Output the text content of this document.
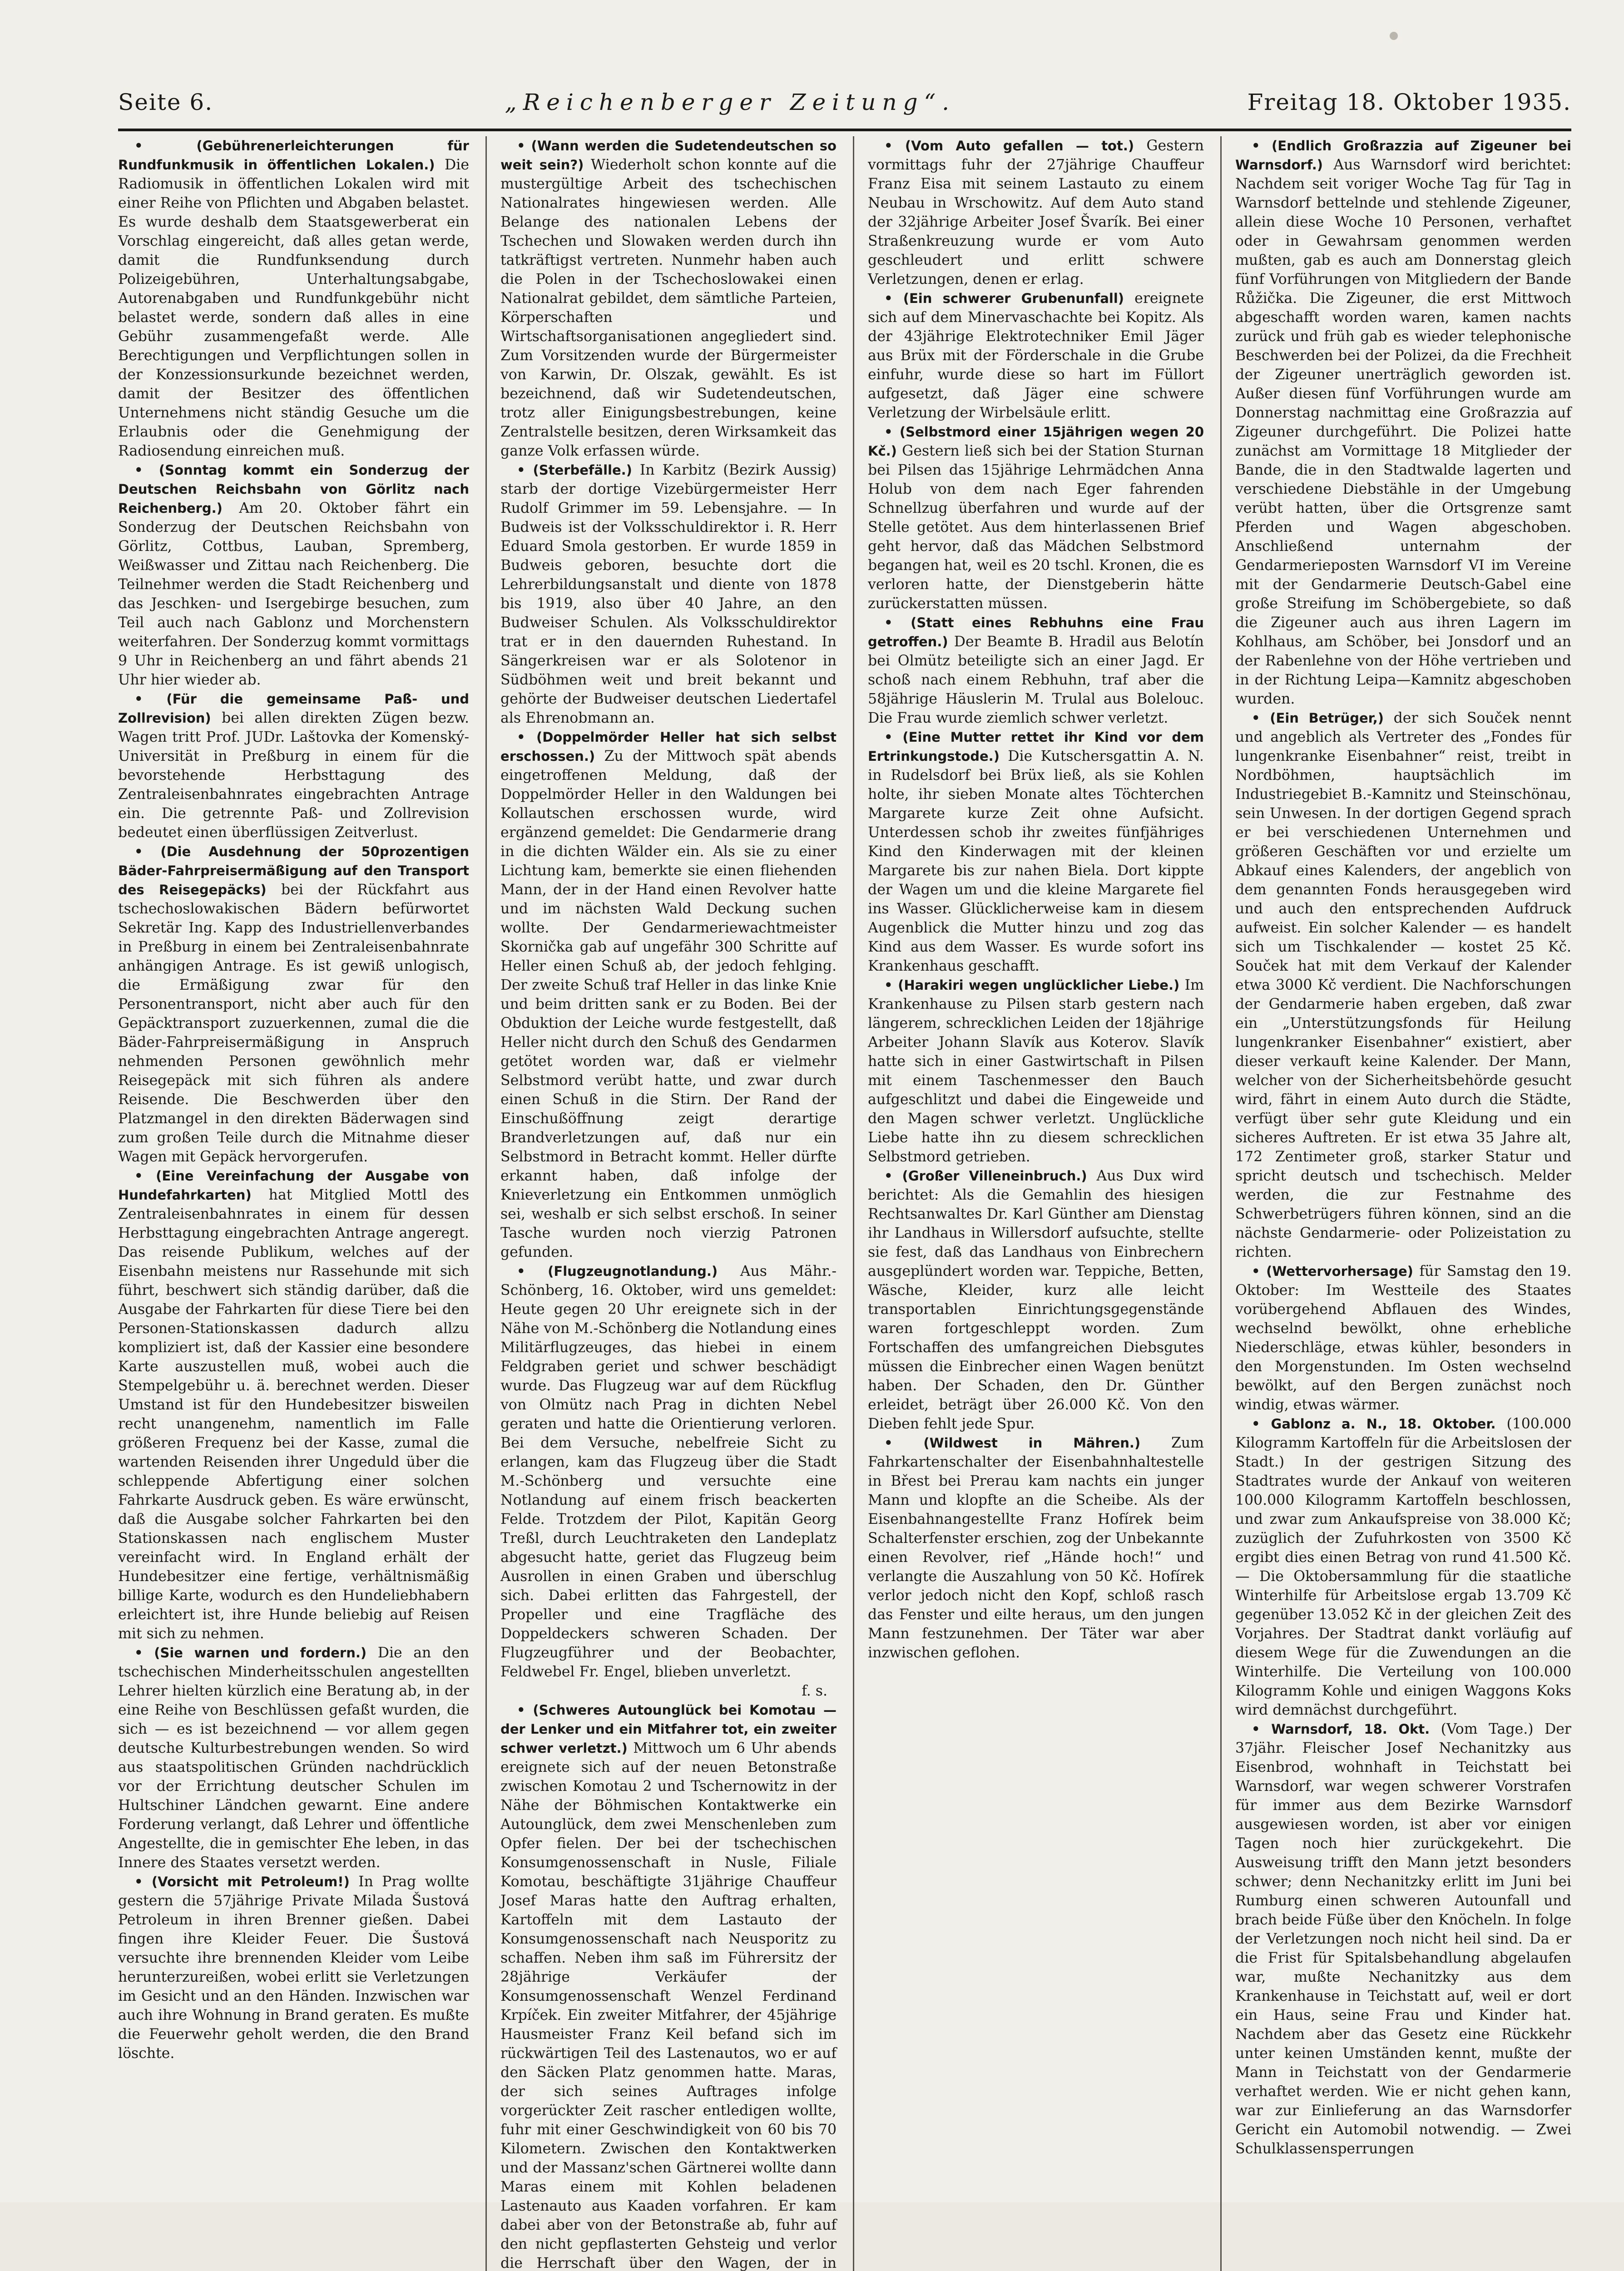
Seite 6.	„Reichenberger Zeitung“.	Freitag 18. Oktober 1935.

• (Gebührenerleichterungen für Rundfunkmusik in öffentlichen Lokalen.) Die Radiomusik in öffentlichen Lokalen wird mit einer Reihe von Pflichten und Abgaben belastet. Es wurde deshalb dem Staatsgewerberat ein Vorschlag eingereicht, daß alles getan werde, damit die Rundfunksendung durch Polizeigebühren, Unterhaltungsabgabe, Autorenabgaben und Rundfunkgebühr nicht belastet werde, sondern daß alles in eine Gebühr zusammengefaßt werde. Alle Berechtigungen und Verpflichtungen sollen in der Konzessionsurkunde bezeichnet werden, damit der Besitzer des öffentlichen Unternehmens nicht ständig Gesuche um die Erlaubnis oder die Genehmigung der Radiosendung einreichen muß.

• (Sonntag kommt ein Sonderzug der Deutschen Reichsbahn von Görlitz nach Reichenberg.) Am 20. Oktober fährt ein Sonderzug der Deutschen Reichsbahn von Görlitz, Cottbus, Lauban, Spremberg, Weißwasser und Zittau nach Reichenberg. Die Teilnehmer werden die Stadt Reichenberg und das Jeschken- und Isergebirge besuchen, zum Teil auch nach Gablonz und Morchenstern weiterfahren. Der Sonderzug kommt vormittags 9 Uhr in Reichenberg an und fährt abends 21 Uhr hier wieder ab.

• (Für die gemeinsame Paß- und Zollrevision) bei allen direkten Zügen bezw. Wagen tritt Prof. JUDr. Laštovka der Komenský-Universität in Preßburg in einem für die bevorstehende Herbsttagung des Zentraleisenbahnrates eingebrachten Antrage ein. Die getrennte Paß- und Zollrevision bedeutet einen überflüssigen Zeitverlust.

• (Die Ausdehnung der 50prozentigen Bäder-Fahrpreisermäßigung auf den Transport des Reisegepäcks) bei der Rückfahrt aus tschechoslowakischen Bädern befürwortet Sekretär Ing. Kapp des Industriellenverbandes in Preßburg in einem bei Zentraleisenbahnrate anhängigen Antrage. Es ist gewiß unlogisch, die Ermäßigung zwar für den Personentransport, nicht aber auch für den Gepäcktransport zuzuerkennen, zumal die die Bäder-Fahrpreisermäßigung in Anspruch nehmenden Personen gewöhnlich mehr Reisegepäck mit sich führen als andere Reisende. Die Beschwerden über den Platzmangel in den direkten Bäderwagen sind zum großen Teile durch die Mitnahme dieser Wagen mit Gepäck hervorgerufen.

• (Eine Vereinfachung der Ausgabe von Hundefahrkarten) hat Mitglied Mottl des Zentraleisenbahnrates in einem für dessen Herbsttagung eingebrachten Antrage angeregt. Das reisende Publikum, welches auf der Eisenbahn meistens nur Rassehunde mit sich führt, beschwert sich ständig darüber, daß die Ausgabe der Fahrkarten für diese Tiere bei den Personen-Stationskassen dadurch allzu kompliziert ist, daß der Kassier eine besondere Karte auszustellen muß, wobei auch die Stempelgebühr u. ä. berechnet werden. Dieser Umstand ist für den Hundebesitzer bisweilen recht unangenehm, namentlich im Falle größeren Frequenz bei der Kasse, zumal die wartenden Reisenden ihrer Ungeduld über die schleppende Abfertigung einer solchen Fahrkarte Ausdruck geben. Es wäre erwünscht, daß die Ausgabe solcher Fahrkarten bei den Stationskassen nach englischem Muster vereinfacht wird. In England erhält der Hundebesitzer eine fertige, verhältnismäßig billige Karte, wodurch es den Hundeliebhabern erleichtert ist, ihre Hunde beliebig auf Reisen mit sich zu nehmen.

• (Sie warnen und fordern.) Die an den tschechischen Minderheitsschulen angestellten Lehrer hielten kürzlich eine Beratung ab, in der eine Reihe von Beschlüssen gefaßt wurden, die sich — es ist bezeichnend — vor allem gegen deutsche Kulturbestrebungen wenden. So wird aus staatspolitischen Gründen nachdrücklich vor der Errichtung deutscher Schulen im Hultschiner Ländchen gewarnt. Eine andere Forderung verlangt, daß Lehrer und öffentliche Angestellte, die in gemischter Ehe leben, in das Innere des Staates versetzt werden.

• (Vorsicht mit Petroleum!) In Prag wollte gestern die 57jährige Private Milada Šustová Petroleum in ihren Brenner gießen. Dabei fingen ihre Kleider Feuer. Die Šustová versuchte ihre brennenden Kleider vom Leibe herunterzureißen, wobei erlitt sie Verletzungen im Gesicht und an den Händen. Inzwischen war auch ihre Wohnung in Brand geraten. Es mußte die Feuerwehr geholt werden, die den Brand löschte.

• (Wann werden die Sudetendeutschen so weit sein?) Wiederholt schon konnte auf die mustergültige Arbeit des tschechischen Nationalrates hingewiesen werden. Alle Belange des nationalen Lebens der Tschechen und Slowaken werden durch ihn tatkräftigst vertreten. Nunmehr haben auch die Polen in der Tschechoslowakei einen Nationalrat gebildet, dem sämtliche Parteien, Körperschaften und Wirtschaftsorganisationen angegliedert sind. Zum Vorsitzenden wurde der Bürgermeister von Karwin, Dr. Olszak, gewählt. Es ist bezeichnend, daß wir Sudetendeutschen, trotz aller Einigungsbestrebungen, keine Zentralstelle besitzen, deren Wirksamkeit das ganze Volk erfassen würde.

• (Sterbefälle.) In Karbitz (Bezirk Aussig) starb der dortige Vizebürgermeister Herr Rudolf Grimmer im 59. Lebensjahre. — In Budweis ist der Volksschuldirektor i. R. Herr Eduard Smola gestorben. Er wurde 1859 in Budweis geboren, besuchte dort die Lehrerbildungsanstalt und diente von 1878 bis 1919, also über 40 Jahre, an den Budweiser Schulen. Als Volksschuldirektor trat er in den dauernden Ruhestand. In Sängerkreisen war er als Solotenor in Südböhmen weit und breit bekannt und gehörte der Budweiser deutschen Liedertafel als Ehrenobmann an.

• (Doppelmörder Heller hat sich selbst erschossen.) Zu der Mittwoch spät abends eingetroffenen Meldung, daß der Doppelmörder Heller in den Waldungen bei Kollautschen erschossen wurde, wird ergänzend gemeldet: Die Gendarmerie drang in die dichten Wälder ein. Als sie zu einer Lichtung kam, bemerkte sie einen fliehenden Mann, der in der Hand einen Revolver hatte und im nächsten Wald Deckung suchen wollte. Der Gendarmeriewachtmeister Skornička gab auf ungefähr 300 Schritte auf Heller einen Schuß ab, der jedoch fehlging. Der zweite Schuß traf Heller in das linke Knie und beim dritten sank er zu Boden. Bei der Obduktion der Leiche wurde festgestellt, daß Heller nicht durch den Schuß des Gendarmen getötet worden war, daß er vielmehr Selbstmord verübt hatte, und zwar durch einen Schuß in die Stirn. Der Rand der Einschußöffnung zeigt derartige Brandverletzungen auf, daß nur ein Selbstmord in Betracht kommt. Heller dürfte erkannt haben, daß infolge der Knieverletzung ein Entkommen unmöglich sei, weshalb er sich selbst erschoß. In seiner Tasche wurden noch vierzig Patronen gefunden.

• (Flugzeugnotlandung.) Aus Mähr.-Schönberg, 16. Oktober, wird uns gemeldet: Heute gegen 20 Uhr ereignete sich in der Nähe von M.-Schönberg die Notlandung eines Militärflugzeuges, das hiebei in einem Feldgraben geriet und schwer beschädigt wurde. Das Flugzeug war auf dem Rückflug von Olmütz nach Prag in dichten Nebel geraten und hatte die Orientierung verloren. Bei dem Versuche, nebelfreie Sicht zu erlangen, kam das Flugzeug über die Stadt M.-Schönberg und versuchte eine Notlandung auf einem frisch beackerten Felde. Trotzdem der Pilot, Kapitän Georg Treßl, durch Leuchtraketen den Landeplatz abgesucht hatte, geriet das Flugzeug beim Ausrollen in einen Graben und überschlug sich. Dabei erlitten das Fahrgestell, der Propeller und eine Tragfläche des Doppeldeckers schweren Schaden. Der Flugzeugführer und der Beobachter, Feldwebel Fr. Engel, blieben unverletzt.

f. s.

• (Schweres Autounglück bei Komotau — der Lenker und ein Mitfahrer tot, ein zweiter schwer verletzt.) Mittwoch um 6 Uhr abends ereignete sich auf der neuen Betonstraße zwischen Komotau 2 und Tschernowitz in der Nähe der Böhmischen Kontaktwerke ein Autounglück, dem zwei Menschenleben zum Opfer fielen. Der bei der tschechischen Konsumgenossenschaft in Nusle, Filiale Komotau, beschäftigte 31jährige Chauffeur Josef Maras hatte den Auftrag erhalten, Kartoffeln mit dem Lastauto der Konsumgenossenschaft nach Neusporitz zu schaffen. Neben ihm saß im Führersitz der 28jährige Verkäufer der Konsumgenossenschaft Wenzel Ferdinand Krpíček. Ein zweiter Mitfahrer, der 45jährige Hausmeister Franz Keil befand sich im rückwärtigen Teil des Lastenautos, wo er auf den Säcken Platz genommen hatte. Maras, der sich seines Auftrages infolge vorgerückter Zeit rascher entledigen wollte, fuhr mit einer Geschwindigkeit von 60 bis 70 Kilometern. Zwischen den Kontaktwerken und der Massanz'schen Gärtnerei wollte dann Maras einem mit Kohlen beladenen Lastenauto aus Kaaden vorfahren. Er kam dabei aber von der Betonstraße ab, fuhr auf den nicht gepflasterten Gehsteig und verlor die Herrschaft über den Wagen, der in

• (Vom Auto gefallen — tot.) Gestern vormittags fuhr der 27jährige Chauffeur Franz Eisa mit seinem Lastauto zu einem Neubau in Wrschowitz. Auf dem Auto stand der 32jährige Arbeiter Josef Švarík. Bei einer Straßenkreuzung wurde er vom Auto geschleudert und erlitt schwere Verletzungen, denen er erlag.

• (Ein schwerer Grubenunfall) ereignete sich auf dem Minervaschachte bei Kopitz. Als der 43jährige Elektrotechniker Emil Jäger aus Brüx mit der Förderschale in die Grube einfuhr, wurde diese so hart im Füllort aufgesetzt, daß Jäger eine schwere Verletzung der Wirbelsäule erlitt.

• (Selbstmord einer 15jährigen wegen 20 Kč.) Gestern ließ sich bei der Station Sturnan bei Pilsen das 15jährige Lehrmädchen Anna Holub von dem nach Eger fahrenden Schnellzug überfahren und wurde auf der Stelle getötet. Aus dem hinterlassenen Brief geht hervor, daß das Mädchen Selbstmord begangen hat, weil es 20 tschl. Kronen, die es verloren hatte, der Dienstgeberin hätte zurückerstatten müssen.

• (Statt eines Rebhuhns eine Frau getroffen.) Der Beamte B. Hradil aus Belotín bei Olmütz beteiligte sich an einer Jagd. Er schoß nach einem Rebhuhn, traf aber die 58jährige Häuslerin M. Trulal aus Bolelouc. Die Frau wurde ziemlich schwer verletzt.

• (Eine Mutter rettet ihr Kind vor dem Ertrinkungstode.) Die Kutschersgattin A. N. in Rudelsdorf bei Brüx ließ, als sie Kohlen holte, ihr sieben Monate altes Töchterchen Margarete kurze Zeit ohne Aufsicht. Unterdessen schob ihr zweites fünfjähriges Kind den Kinderwagen mit der kleinen Margarete bis zur nahen Biela. Dort kippte der Wagen um und die kleine Margarete fiel ins Wasser. Glücklicherweise kam in diesem Augenblick die Mutter hinzu und zog das Kind aus dem Wasser. Es wurde sofort ins Krankenhaus geschafft.

• (Harakiri wegen unglücklicher Liebe.) Im Krankenhause zu Pilsen starb gestern nach längerem, schrecklichen Leiden der 18jährige Arbeiter Johann Slavík aus Koterov. Slavík hatte sich in einer Gastwirtschaft in Pilsen mit einem Taschenmesser den Bauch aufgeschlitzt und dabei die Eingeweide und den Magen schwer verletzt. Unglückliche Liebe hatte ihn zu diesem schrecklichen Selbstmord getrieben.

• (Großer Villeneinbruch.) Aus Dux wird berichtet: Als die Gemahlin des hiesigen Rechtsanwaltes Dr. Karl Günther am Dienstag ihr Landhaus in Willersdorf aufsuchte, stellte sie fest, daß das Landhaus von Einbrechern ausgeplündert worden war. Teppiche, Betten, Wäsche, Kleider, kurz alle leicht transportablen Einrichtungsgegenstände waren fortgeschleppt worden. Zum Fortschaffen des umfangreichen Diebsgutes müssen die Einbrecher einen Wagen benützt haben. Der Schaden, den Dr. Günther erleidet, beträgt über 26.000 Kč. Von den Dieben fehlt jede Spur.

• (Wildwest in Mähren.) Zum Fahrkartenschalter der Eisenbahnhaltestelle in Břest bei Prerau kam nachts ein junger Mann und klopfte an die Scheibe. Als der Eisenbahnangestellte Franz Hofírek beim Schalterfenster erschien, zog der Unbekannte einen Revolver, rief „Hände hoch!“ und verlangte die Auszahlung von 50 Kč. Hofírek verlor jedoch nicht den Kopf, schloß rasch das Fenster und eilte heraus, um den jungen Mann festzunehmen. Der Täter war aber inzwischen geflohen.

• (Endlich Großrazzia auf Zigeuner bei Warnsdorf.) Aus Warnsdorf wird berichtet: Nachdem seit voriger Woche Tag für Tag in Warnsdorf bettelnde und stehlende Zigeuner, allein diese Woche 10 Personen, verhaftet oder in Gewahrsam genommen werden mußten, gab es auch am Donnerstag gleich fünf Vorführungen von Mitgliedern der Bande Růžička. Die Zigeuner, die erst Mittwoch abgeschafft worden waren, kamen nachts zurück und früh gab es wieder telephonische Beschwerden bei der Polizei, da die Frechheit der Zigeuner unerträglich geworden ist. Außer diesen fünf Vorführungen wurde am Donnerstag nachmittag eine Großrazzia auf Zigeuner durchgeführt. Die Polizei hatte zunächst am Vormittage 18 Mitglieder der Bande, die in den Stadtwalde lagerten und verschiedene Diebstähle in der Umgebung verübt hatten, über die Ortsgrenze samt Pferden und Wagen abgeschoben. Anschließend unternahm der Gendarmerieposten Warnsdorf VI im Vereine mit der Gendarmerie Deutsch-Gabel eine große Streifung im Schöbergebiete, so daß die Zigeuner auch aus ihren Lagern im Kohlhaus, am Schöber, bei Jonsdorf und an der Rabenlehne von der Höhe vertrieben und in der Richtung Leipa—Kamnitz abgeschoben wurden.

• (Ein Betrüger,) der sich Souček nennt und angeblich als Vertreter des „Fondes für lungenkranke Eisenbahner“ reist, treibt in Nordböhmen, hauptsächlich im Industriegebiet B.-Kamnitz und Steinschönau, sein Unwesen. In der dortigen Gegend sprach er bei verschiedenen Unternehmen und größeren Geschäften vor und erzielte um Abkauf eines Kalenders, der angeblich von dem genannten Fonds herausgegeben wird und auch den entsprechenden Aufdruck aufweist. Ein solcher Kalender — es handelt sich um Tischkalender — kostet 25 Kč. Souček hat mit dem Verkauf der Kalender etwa 3000 Kč verdient. Die Nachforschungen der Gendarmerie haben ergeben, daß zwar ein „Unterstützungsfonds für Heilung lungenkranker Eisenbahner“ existiert, aber dieser verkauft keine Kalender. Der Mann, welcher von der Sicherheitsbehörde gesucht wird, fährt in einem Auto durch die Städte, verfügt über sehr gute Kleidung und ein sicheres Auftreten. Er ist etwa 35 Jahre alt, 172 Zentimeter groß, starker Statur und spricht deutsch und tschechisch. Melder werden, die zur Festnahme des Schwerbetrügers führen können, sind an die nächste Gendarmerie- oder Polizeistation zu richten.

• (Wettervorhersage) für Samstag den 19. Oktober: Im Westteile des Staates vorübergehend Abflauen des Windes, wechselnd bewölkt, ohne erhebliche Niederschläge, etwas kühler, besonders in den Morgenstunden. Im Osten wechselnd bewölkt, auf den Bergen zunächst noch windig, etwas wärmer.

• Gablonz a. N., 18. Oktober. (100.000 Kilogramm Kartoffeln für die Arbeitslosen der Stadt.) In der gestrigen Sitzung des Stadtrates wurde der Ankauf von weiteren 100.000 Kilogramm Kartoffeln beschlossen, und zwar zum Ankaufspreise von 38.000 Kč; zuzüglich der Zufuhrkosten von 3500 Kč ergibt dies einen Betrag von rund 41.500 Kč. — Die Oktobersammlung für die staatliche Winterhilfe für Arbeitslose ergab 13.709 Kč gegenüber 13.052 Kč in der gleichen Zeit des Vorjahres. Der Stadtrat dankt vorläufig auf diesem Wege für die Zuwendungen an die Winterhilfe. Die Verteilung von 100.000 Kilogramm Kohle und einigen Waggons Koks wird demnächst durchgeführt.

• Warnsdorf, 18. Okt. (Vom Tage.) Der 37jähr. Fleischer Josef Nechanitzky aus Eisenbrod, wohnhaft in Teichstatt bei Warnsdorf, war wegen schwerer Vorstrafen für immer aus dem Bezirke Warnsdorf ausgewiesen worden, ist aber vor einigen Tagen noch hier zurückgekehrt. Die Ausweisung trifft den Mann jetzt besonders schwer; denn Nechanitzky erlitt im Juni bei Rumburg einen schweren Autounfall und brach beide Füße über den Knöcheln. In folge der Verletzungen noch nicht heil sind. Da er die Frist für Spitalsbehandlung abgelaufen war, mußte Nechanitzky aus dem Krankenhause in Teichstatt auf, weil er dort ein Haus, seine Frau und Kinder hat. Nachdem aber das Gesetz eine Rückkehr unter keinen Umständen kennt, mußte der Mann in Teichstatt von der Gendarmerie verhaftet werden. Wie er nicht gehen kann, war zur Einlieferung an das Warnsdorfer Gericht ein Automobil notwendig. — Zwei Schulklassensperrungen
